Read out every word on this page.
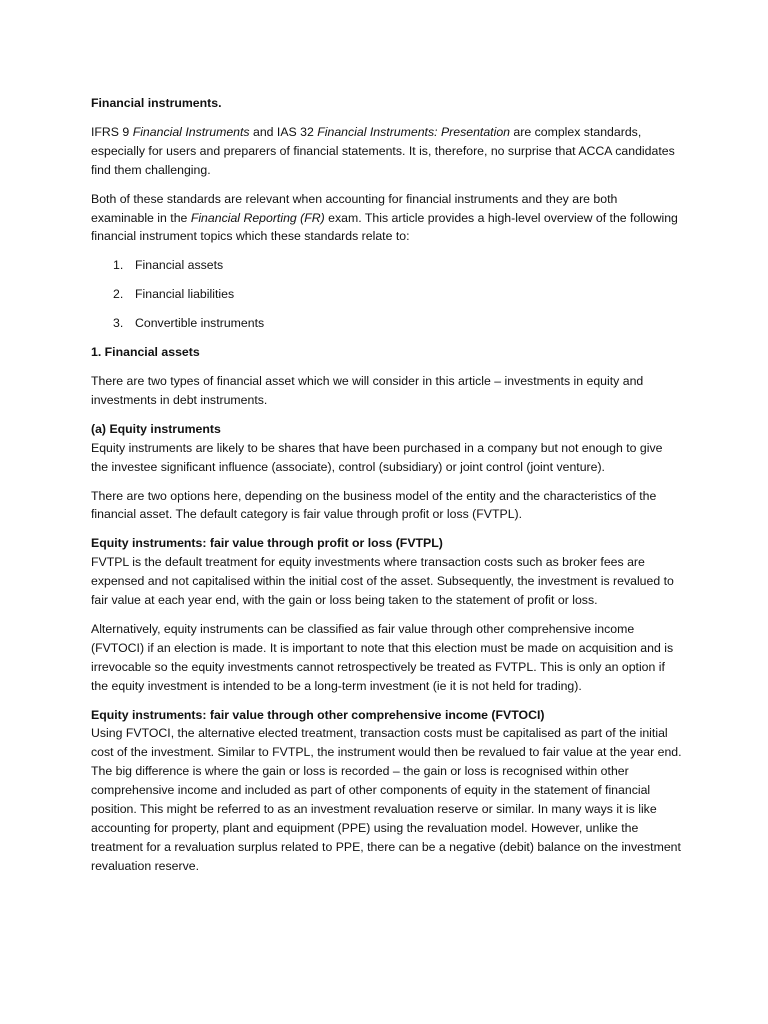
Financial instruments.

IFRS 9 Financial Instruments and IAS 32 Financial Instruments: Presentation are complex standards, especially for users and preparers of financial statements. It is, therefore, no surprise that ACCA candidates find them challenging.

Both of these standards are relevant when accounting for financial instruments and they are both examinable in the Financial Reporting (FR) exam. This article provides a high-level overview of the following financial instrument topics which these standards relate to:

1. Financial assets
2. Financial liabilities
3. Convertible instruments

1. Financial assets

There are two types of financial asset which we will consider in this article – investments in equity and investments in debt instruments.

(a) Equity instruments

Equity instruments are likely to be shares that have been purchased in a company but not enough to give the investee significant influence (associate), control (subsidiary) or joint control (joint venture).

There are two options here, depending on the business model of the entity and the characteristics of the financial asset. The default category is fair value through profit or loss (FVTPL).

Equity instruments: fair value through profit or loss (FVTPL)

FVTPL is the default treatment for equity investments where transaction costs such as broker fees are expensed and not capitalised within the initial cost of the asset. Subsequently, the investment is revalued to fair value at each year end, with the gain or loss being taken to the statement of profit or loss.

Alternatively, equity instruments can be classified as fair value through other comprehensive income (FVTOCI) if an election is made. It is important to note that this election must be made on acquisition and is irrevocable so the equity investments cannot retrospectively be treated as FVTPL. This is only an option if the equity investment is intended to be a long-term investment (ie it is not held for trading).

Equity instruments: fair value through other comprehensive income (FVTOCI)

Using FVTOCI, the alternative elected treatment, transaction costs must be capitalised as part of the initial cost of the investment. Similar to FVTPL, the instrument would then be revalued to fair value at the year end. The big difference is where the gain or loss is recorded – the gain or loss is recognised within other comprehensive income and included as part of other components of equity in the statement of financial position. This might be referred to as an investment revaluation reserve or similar. In many ways it is like accounting for property, plant and equipment (PPE) using the revaluation model. However, unlike the treatment for a revaluation surplus related to PPE, there can be a negative (debit) balance on the investment revaluation reserve.
